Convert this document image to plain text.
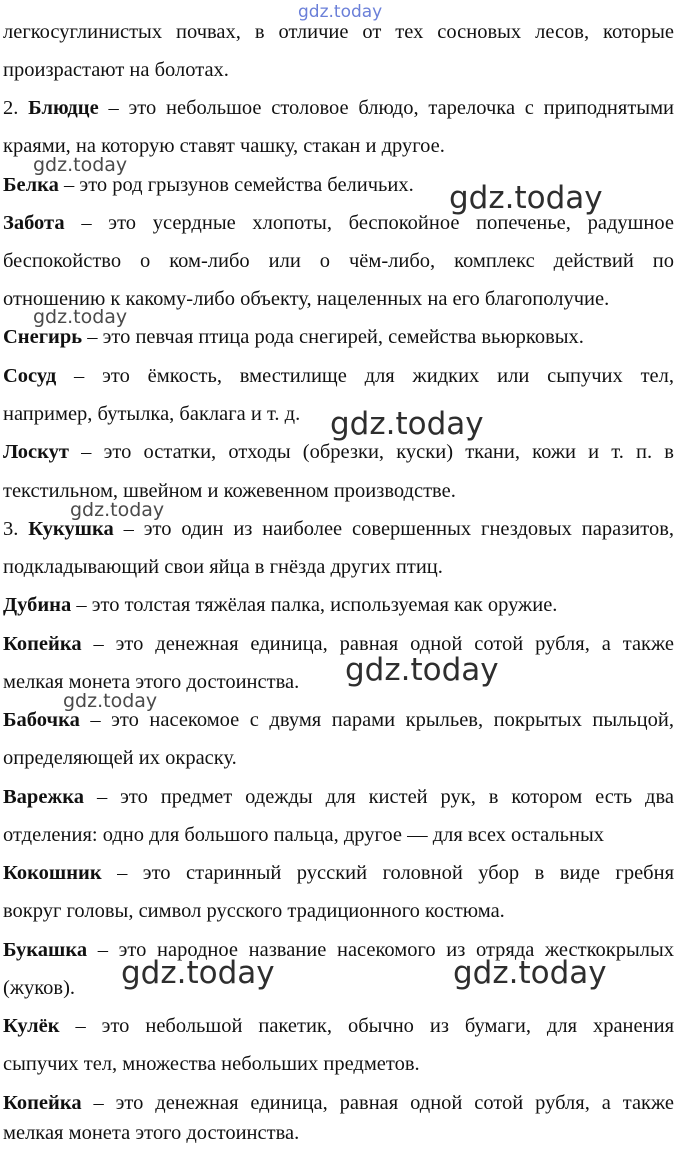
легкосуглинистых почвах, в отличие от тех сосновых лесов, которые
произрастают на болотах.
2. Блюдце – это небольшое столовое блюдо, тарелочка с приподнятыми
краями, на которую ставят чашку, стакан и другое.
Белка – это род грызунов семейства беличьих.
Забота – это усердные хлопоты, беспокойное попеченье, радушное
беспокойство о ком-либо или о чём-либо, комплекс действий по
отношению к какому-либо объекту, нацеленных на его благополучие.
Снегирь – это певчая птица рода снегирей, семейства вьюрковых.
Сосуд – это ёмкость, вместилище для жидких или сыпучих тел,
например, бутылка, баклага и т. д.
Лоскут – это остатки, отходы (обрезки, куски) ткани, кожи и т. п. в
текстильном, швейном и кожевенном производстве.
3. Кукушка – это один из наиболее совершенных гнездовых паразитов,
подкладывающий свои яйца в гнёзда других птиц.
Дубина – это толстая тяжёлая палка, используемая как оружие.
Копейка – это денежная единица, равная одной сотой рубля, а также
мелкая монета этого достоинства.
Бабочка – это насекомое с двумя парами крыльев, покрытых пыльцой,
определяющей их окраску.
Варежка – это предмет одежды для кистей рук, в котором есть два
отделения: одно для большого пальца, другое — для всех остальных
Кокошник – это старинный русский головной убор в виде гребня
вокруг головы, символ русского традиционного костюма.
Букашка – это народное название насекомого из отряда жесткокрылых
(жуков).
Кулёк – это небольшой пакетик, обычно из бумаги, для хранения
сыпучих тел, множества небольших предметов.
Копейка – это денежная единица, равная одной сотой рубля, а также
мелкая монета этого достоинства.
gdz.today
gdz.today
gdz.today
gdz.today
gdz.today
gdz.today
gdz.today
gdz.today
gdz.today	gdz.today
